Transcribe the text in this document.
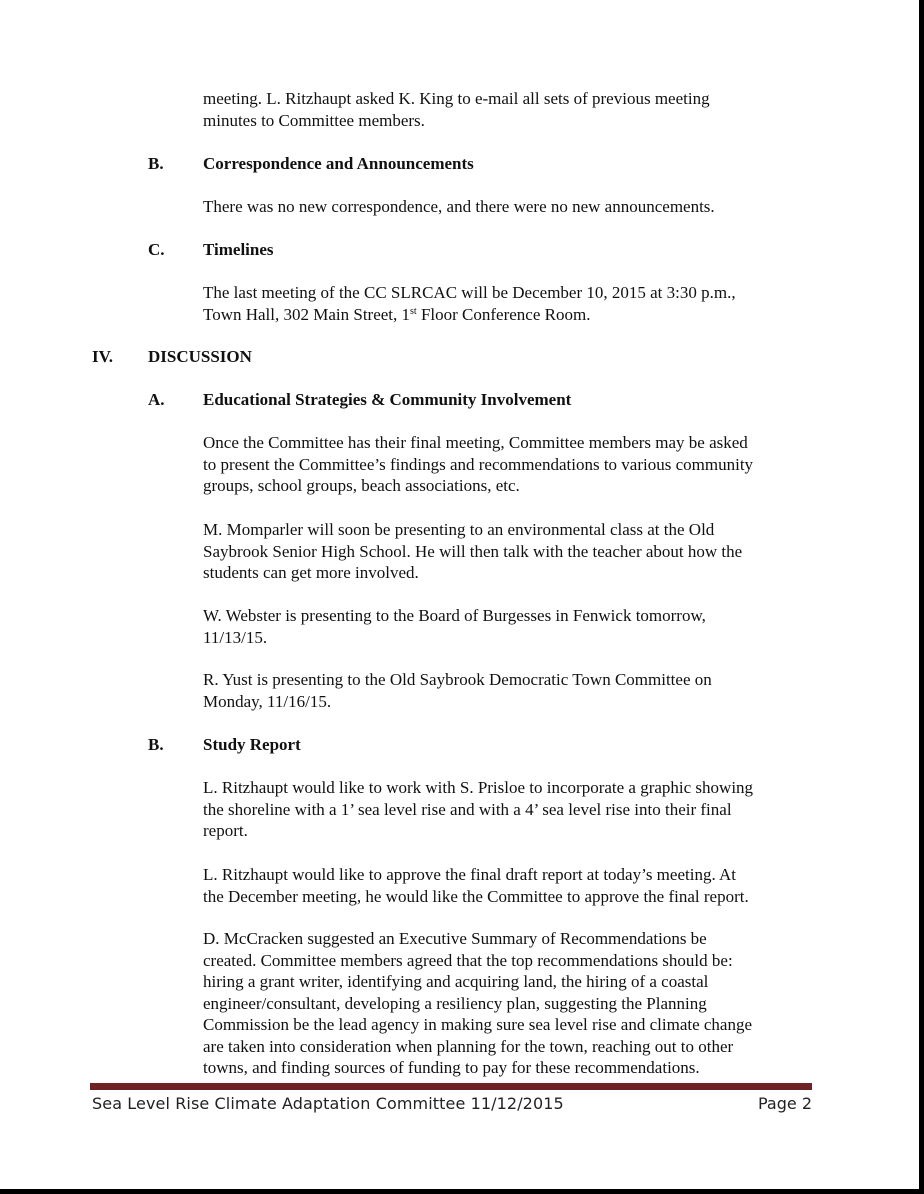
meeting. L. Ritzhaupt asked K. King to e-mail all sets of previous meeting
minutes to Committee members.

B. Correspondence and Announcements

There was no new correspondence, and there were no new announcements.

C. Timelines

The last meeting of the CC SLRCAC will be December 10, 2015 at 3:30 p.m.,
Town Hall, 302 Main Street, 1st Floor Conference Room.

IV. DISCUSSION

A. Educational Strategies & Community Involvement

Once the Committee has their final meeting, Committee members may be asked
to present the Committee’s findings and recommendations to various community
groups, school groups, beach associations, etc.

M. Momparler will soon be presenting to an environmental class at the Old
Saybrook Senior High School. He will then talk with the teacher about how the
students can get more involved.

W. Webster is presenting to the Board of Burgesses in Fenwick tomorrow,
11/13/15.

R. Yust is presenting to the Old Saybrook Democratic Town Committee on
Monday, 11/16/15.

B. Study Report

L. Ritzhaupt would like to work with S. Prisloe to incorporate a graphic showing
the shoreline with a 1’ sea level rise and with a 4’ sea level rise into their final
report.

L. Ritzhaupt would like to approve the final draft report at today’s meeting. At
the December meeting, he would like the Committee to approve the final report.

D. McCracken suggested an Executive Summary of Recommendations be
created. Committee members agreed that the top recommendations should be:
hiring a grant writer, identifying and acquiring land, the hiring of a coastal
engineer/consultant, developing a resiliency plan, suggesting the Planning
Commission be the lead agency in making sure sea level rise and climate change
are taken into consideration when planning for the town, reaching out to other
towns, and finding sources of funding to pay for these recommendations.

Sea Level Rise Climate Adaptation Committee 11/12/2015	Page 2
